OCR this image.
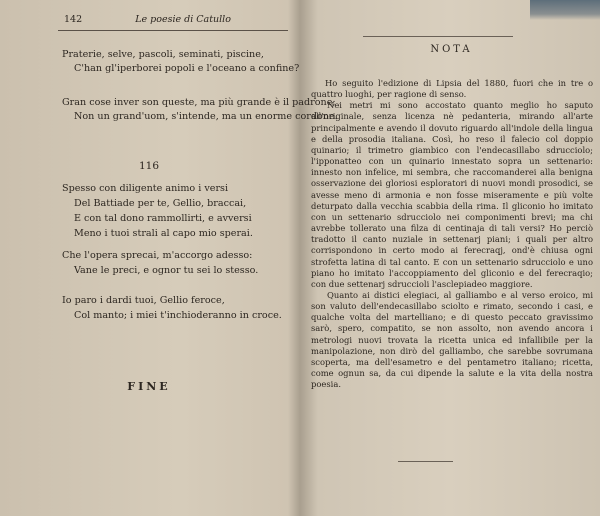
142	Le poesie di Catullo
Praterie, selve, pascoli, seminati, piscine,
C'han gl'iperborei popoli e l'oceano a confine?
Gran cose inver son queste, ma più grande è il padrone;
Non un grand'uom, s'intende, ma un enorme cordone.
116
Spesso con diligente animo i versi
Del Battiade per te, Gellio, braccai,
E con tal dono rammollirti, e avversi
Meno i tuoi strali al capo mio sperai.
Che l'opera sprecai, m'accorgo adesso:
Vane le preci, e ognor tu sei lo stesso.
Io paro i dardi tuoi, Gellio feroce,
Col manto; i miei t'inchioderanno in croce.
FINE
NOTA

Ho seguito l'edizione di Lipsia del 1880, fuori che in tre o quattro luoghi, per ragione di senso.

Nei metri mi sono accostato quanto meglio ho saputo all'originale, senza licenza nè pedanteria, mirando all'arte principalmente e avendo il dovuto riguardo all'indole della lingua e della prosodia italiana. Così, ho reso il falecio col doppio quinario; il trimetro giambico con l'endecasillabo sdrucciolo; l'ipponatteo con un quinario innestato sopra un settenario: innesto non infelice, mi sembra, che raccomanderei alla benigna osservazione dei gloriosi esploratori di nuovi mondi prosodici, se avesse meno di armonia e non fosse miseramente e più volte deturpato dalla vecchia scabbia della rima. Il gliconio ho imitato con un settenario sdrucciolo nei componimenti brevi; ma chi avrebbe tollerato una filza di centinaja di tali versi? Ho perciò tradotto il canto nuziale in settenarj piani; i quali per altro corrispondono in certo modo ai ferecraqj, ond'è chiusa ogni strofetta latina di tal canto. E con un settenario sdrucciolo e uno piano ho imitato l'accoppiamento del gliconio e del ferecraqio; con due settenarj sdruccioli l'asclepiadeo maggiore.

Quanto ai distici elegiaci, al galliambo e al verso eroico, mi son valuto dell'endecasillabo sciolto e rimato, secondo i casi, e qualche volta del martelliano; e di questo peccato gravissimo sarò, spero, compatito, se non assolto, non avendo ancora i metrologi nuovi trovata la ricetta unica ed infallibile per la manipolazione, non dirò del galliambo, che sarebbe sovrumana scoperta, ma dell'esametro e del pentametro italiano; ricetta, come ognun sa, da cui dipende la salute e la vita della nostra poesia.
